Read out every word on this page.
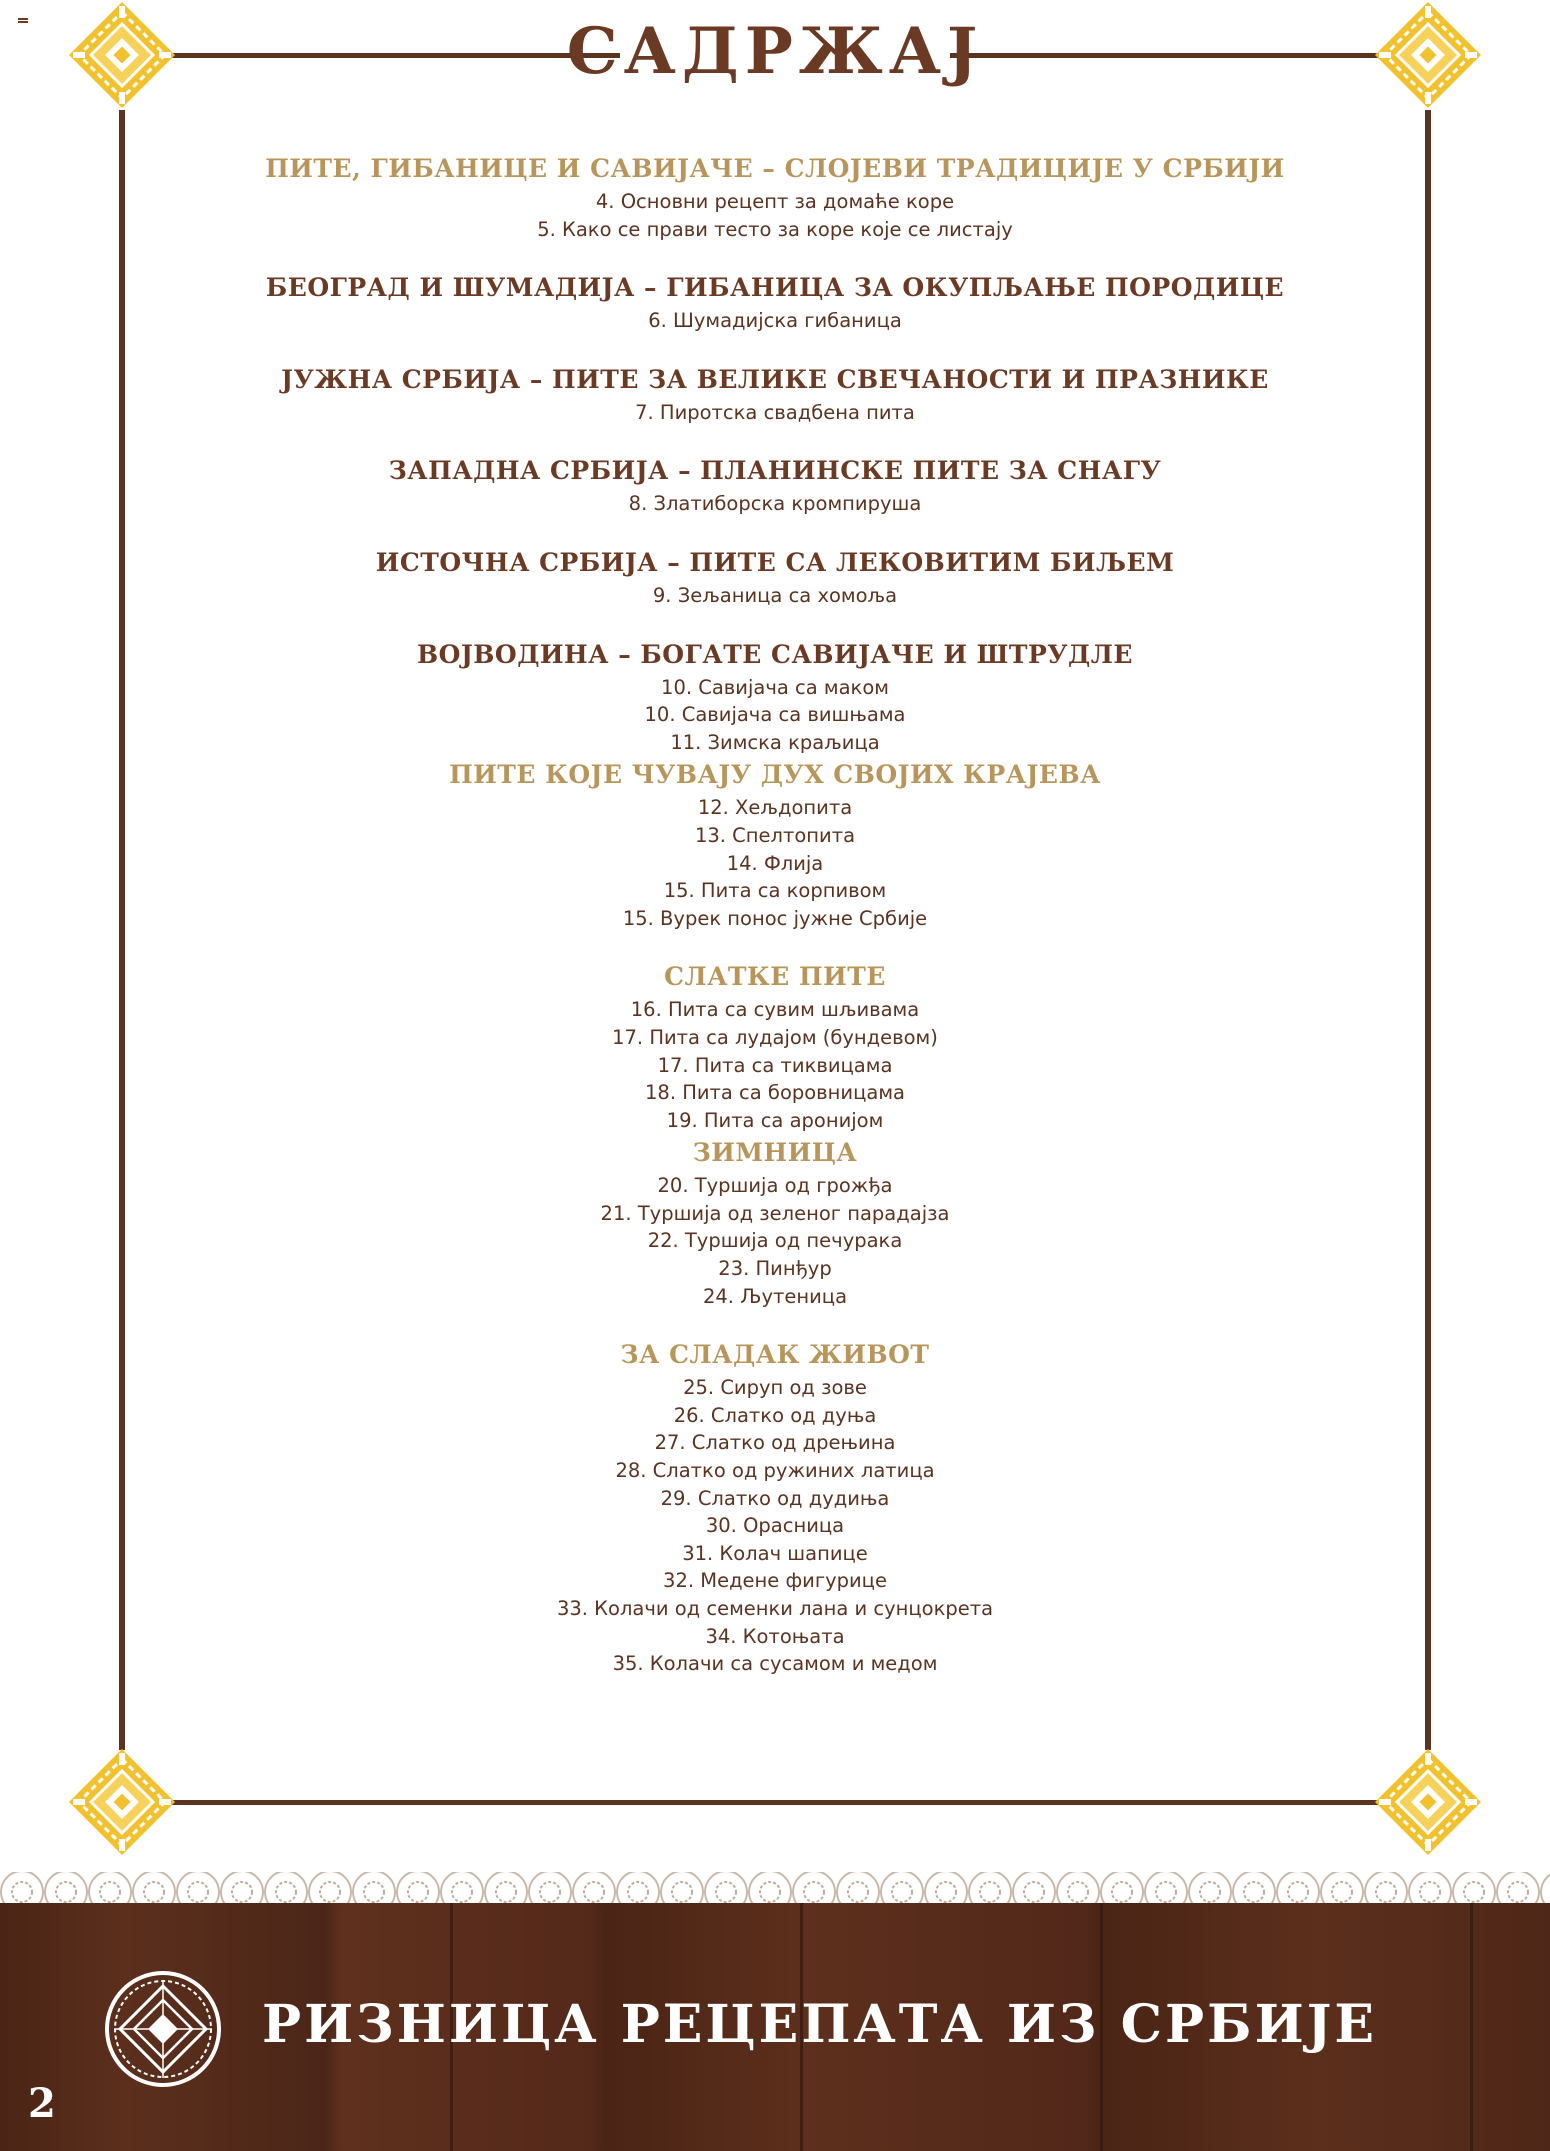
САДРЖАЈ
ПИТЕ, ГИБАНИЦЕ И САВИЈАЧЕ – СЛОЈЕВИ ТРАДИЦИЈЕ У СРБИЈИ
4. Основни рецепт за домаће коре
5. Како се прави тесто за коре које се листају
БЕОГРАД И ШУМАДИЈА – ГИБАНИЦА ЗА ОКУПЉАЊЕ ПОРОДИЦЕ
6. Шумадијска гибаница
ЈУЖНА СРБИЈА – ПИТЕ ЗА ВЕЛИКЕ СВЕЧАНОСТИ И ПРАЗНИКЕ
7. Пиротска свадбена пита
ЗАПАДНА СРБИЈА – ПЛАНИНСКЕ ПИТЕ ЗА СНАГУ
8. Златиборска кромпируша
ИСТОЧНА СРБИЈА – ПИТЕ СА ЛЕКОВИТИМ БИЉЕМ
9. Зељаница са хомоља
ВОЈВОДИНА – БОГАТЕ САВИЈАЧЕ И ШТРУДЛЕ
10. Савијача са маком
10. Савијача са вишњама
11. Зимска краљица
ПИТЕ КОЈЕ ЧУВАЈУ ДУХ СВОЈИХ КРАЈЕВА
12. Хељдопита
13. Спелтопита
14. Флија
15. Пита са корпивом
15. Вурек понос јужне Србије
СЛАТКЕ ПИТЕ
16. Пита са сувим шљивама
17. Пита са лудајом (бундевом)
17. Пита са тиквицама
18. Пита са боровницама
19. Пита са аронијом
ЗИМНИЦА
20. Туршија од грожђа
21. Туршија од зеленог парадајза
22. Туршија од печурака
23. Пинђур
24. Љутеница
ЗА СЛАДАК ЖИВОТ
25. Сируп од зове
26. Слатко од дуња
27. Слатко од дрењина
28. Слатко од ружиних латица
29. Слатко од дудиња
30. Орасница
31. Колач шапице
32. Медене фигурице
33. Колачи од семенки лана и сунцокрета
34. Котоњата
35. Колачи са сусамом и медом
РИЗНИЦА РЕЦЕПАТА ИЗ СРБИЈЕ
2
